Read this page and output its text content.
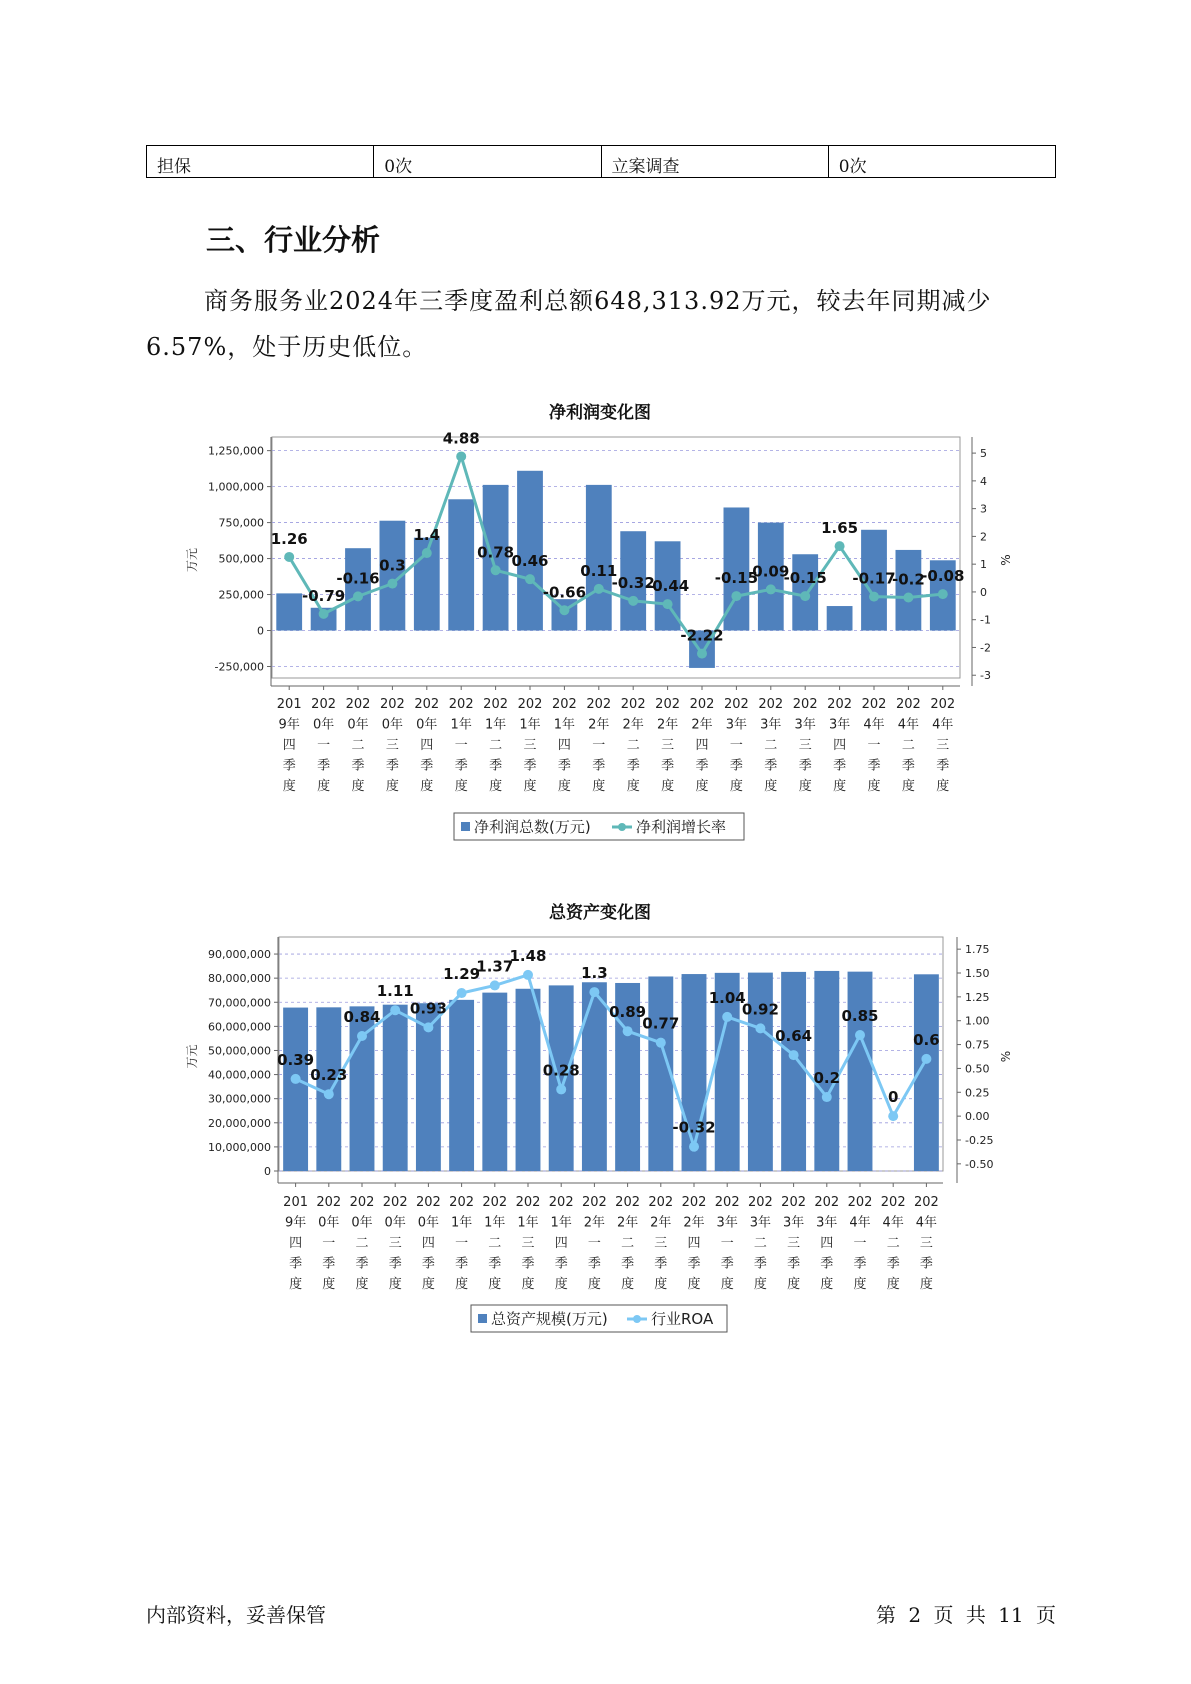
担保	0次	立案调查	0次
三、行业分析

商务服务业2024年三季度盈利总额648,313.92万元，较去年同期减少6.57%，处于历史低位。

净利润变化图
1,250,000
1,000,000
750,000
500,000
250,000
0
-250,000
5
4
3
2
1
0
-1
-2
-3
万元	%
201
9年
四
季
度
202
0年
一
季
度
202
0年
二
季
度
202
0年
三
季
度
202
0年
四
季
度
202
1年
一
季
度
202
1年
二
季
度
202
1年
三
季
度
202
1年
四
季
度
202
2年
一
季
度
202
2年
二
季
度
202
2年
三
季
度
202
2年
四
季
度
202
3年
一
季
度
202
3年
二
季
度
202
3年
三
季
度
202
3年
四
季
度
202
4年
一
季
度
202
4年
二
季
度
202
4年
三
季
度
1.26
-0.79
-0.16
0.3
1.4
4.88
0.78
0.46
-0.66
0.11
-0.32
-0.44
-2.22
-0.15
0.09
-0.15
1.65
-0.17
-0.2
-0.08
净利润总数(万元)	净利润增长率
总资产变化图
90,000,000
80,000,000
70,000,000
60,000,000
50,000,000
40,000,000
30,000,000
20,000,000
10,000,000
0
1.75
1.50
1.25
1.00
0.75
0.50
0.25
0.00
-0.25
-0.50
万元	%
201
9年
四
季
度
202
0年
一
季
度
202
0年
二
季
度
202
0年
三
季
度
202
0年
四
季
度
202
1年
一
季
度
202
1年
二
季
度
202
1年
三
季
度
202
1年
四
季
度
202
2年
一
季
度
202
2年
二
季
度
202
2年
三
季
度
202
2年
四
季
度
202
3年
一
季
度
202
3年
二
季
度
202
3年
三
季
度
202
3年
四
季
度
202
4年
一
季
度
202
4年
二
季
度
202
4年
三
季
度
0.39
0.23
0.84
1.11
0.93
1.29
1.37
1.48
0.28
1.3
0.89
0.77
-0.32
1.04
0.92
0.64
0.2
0.85
0
0.6
总资产规模(万元)	行业ROA
内部资料，妥善保管	第 2 页 共 11 页
